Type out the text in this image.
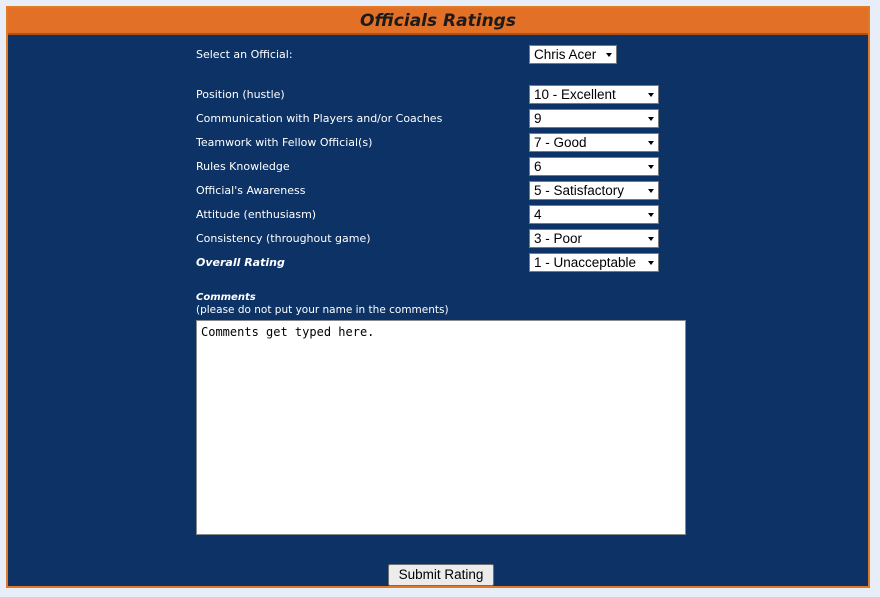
Officials Ratings
Select an Official:	Chris Acer
Position (hustle)	10 - Excellent
Communication with Players and/or Coaches	9
Teamwork with Fellow Official(s)	7 - Good
Rules Knowledge	6
Official's Awareness	5 - Satisfactory
Attitude (enthusiasm)	4
Consistency (throughout game)	3 - Poor
Overall Rating	1 - Unacceptable
Comments
(please do not put your name in the comments)
Comments get typed here.
Submit Rating
